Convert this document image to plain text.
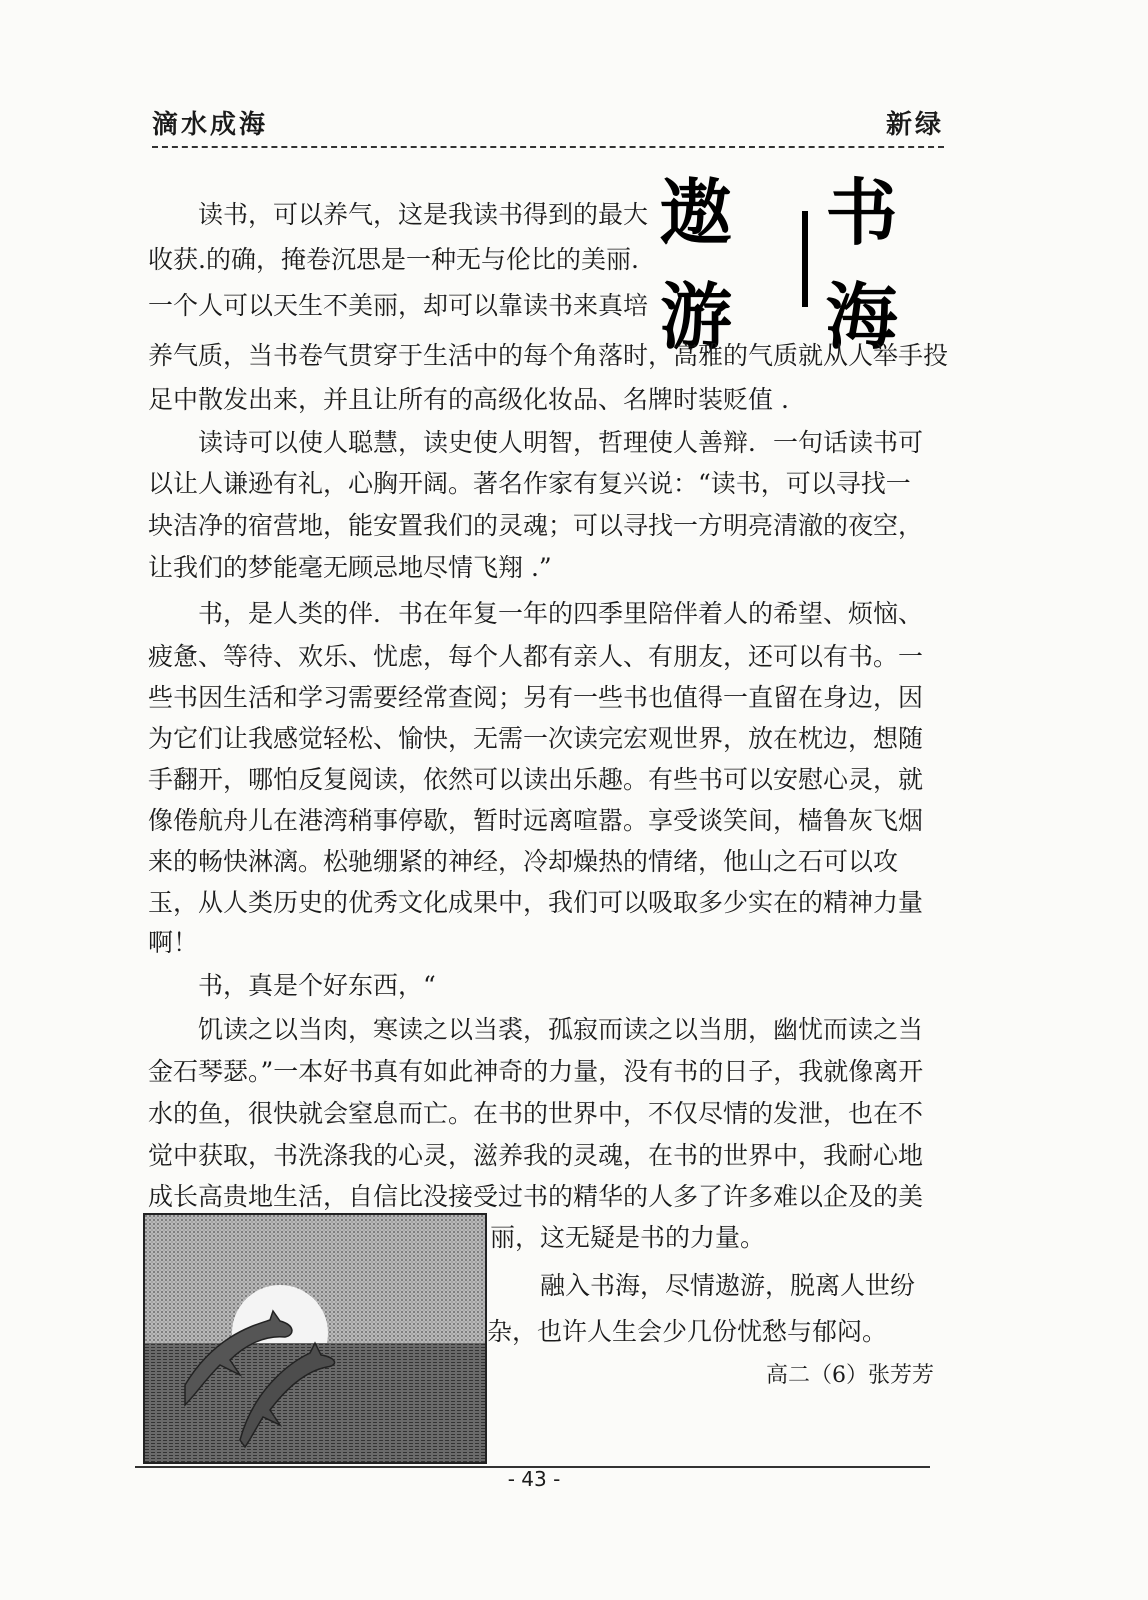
滴水成海	新绿
遨游
书海
读书，可以养气，这是我读书得到的最大
收获.的确，掩卷沉思是一种无与伦比的美丽.
一个人可以天生不美丽，却可以靠读书来真培
养气质，当书卷气贯穿于生活中的每个角落时，高雅的气质就从人举手投
足中散发出来，并且让所有的高级化妆品、名牌时装贬值 .
读诗可以使人聪慧，读史使人明智，哲理使人善辩．一句话读书可
以让人谦逊有礼，心胸开阔。著名作家有复兴说：“读书，可以寻找一
块洁净的宿营地，能安置我们的灵魂；可以寻找一方明亮清澈的夜空，
让我们的梦能毫无顾忌地尽情飞翔 .”
书，是人类的伴．书在年复一年的四季里陪伴着人的希望、烦恼、
疲惫、等待、欢乐、忧虑，每个人都有亲人、有朋友，还可以有书。一
些书因生活和学习需要经常查阅；另有一些书也值得一直留在身边，因
为它们让我感觉轻松、愉快，无需一次读完宏观世界，放在枕边，想随
手翻开，哪怕反复阅读，依然可以读出乐趣。有些书可以安慰心灵，就
像倦航舟儿在港湾稍事停歇，暂时远离喧嚣。享受谈笑间，樯鲁灰飞烟
来的畅快淋漓。松驰绷紧的神经，冷却燥热的情绪，他山之石可以攻
玉，从人类历史的优秀文化成果中，我们可以吸取多少实在的精神力量
啊！
书，真是个好东西，“
饥读之以当肉，寒读之以当裘，孤寂而读之以当朋，幽忧而读之当
金石琴瑟。”一本好书真有如此神奇的力量，没有书的日子，我就像离开
水的鱼，很快就会窒息而亡。在书的世界中，不仅尽情的发泄，也在不
觉中获取，书洗涤我的心灵，滋养我的灵魂，在书的世界中，我耐心地
成长高贵地生活，自信比没接受过书的精华的人多了许多难以企及的美
丽，这无疑是书的力量。
融入书海，尽情遨游，脱离人世纷
杂，也许人生会少几份忧愁与郁闷。
高二（6）张芳芳
- 43 -
